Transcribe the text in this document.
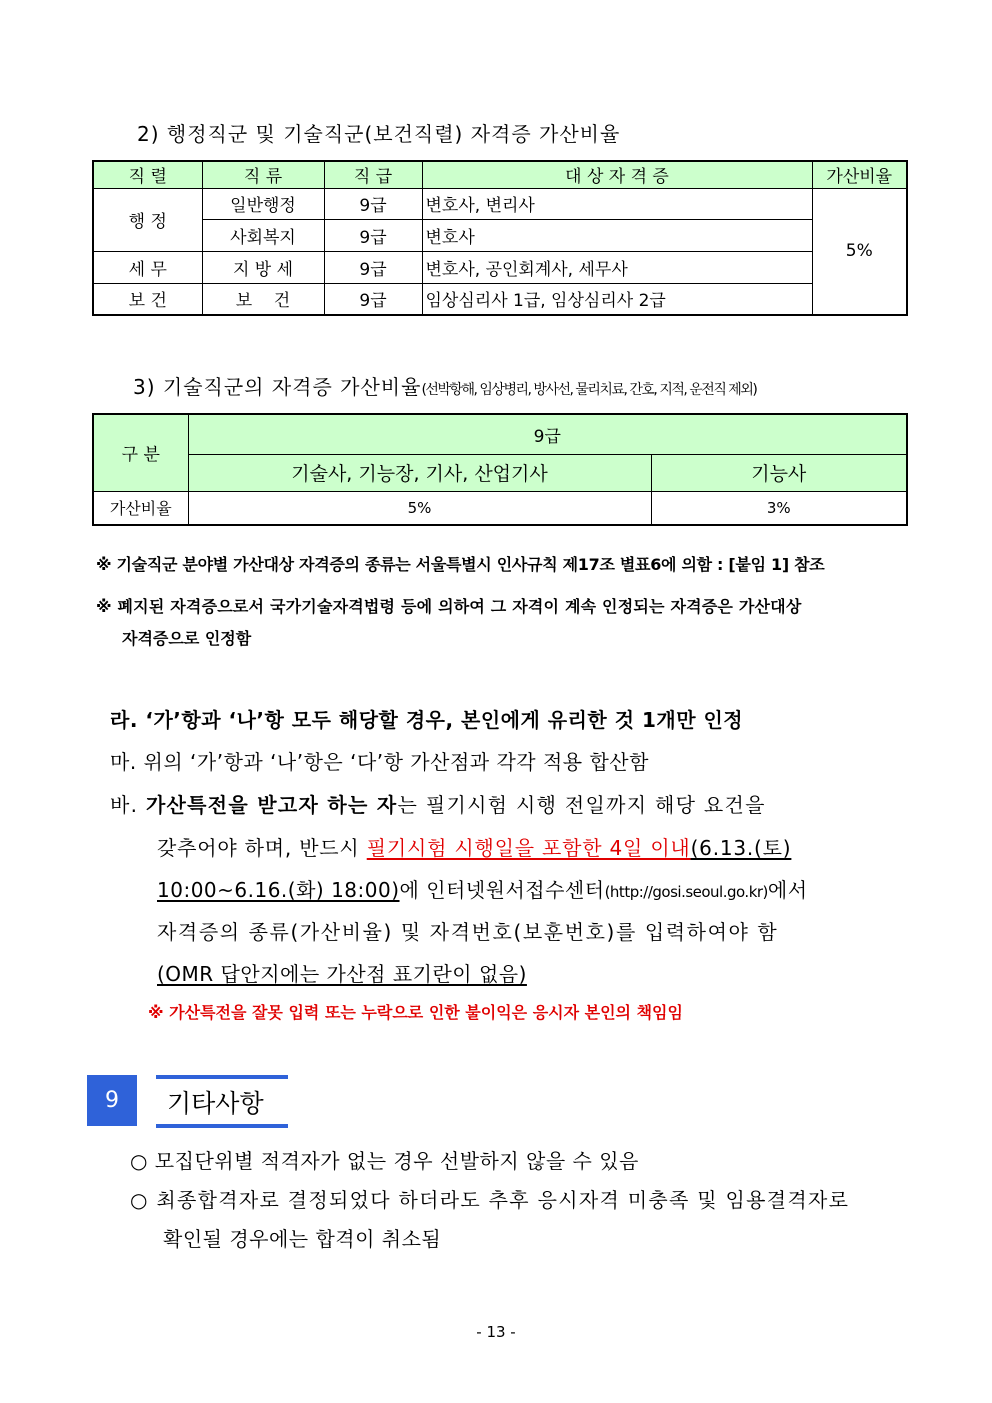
2) 행정직군 및 기술직군(보건직렬) 자격증 가산비율
직 렬	직 류	직 급	대 상 자 격 증	가산비율
행 정	일반행정	9급	변호사, 변리사	5%
	사회복지	9급	변호사	
세 무	지 방 세	9급	변호사, 공인회계사, 세무사	
보 건	보    건	9급	임상심리사 1급, 임상심리사 2급	
3) 기술직군의 자격증 가산비율(선박항해, 임상병리, 방사선, 물리치료, 간호, 지적, 운전직 제외)
구 분	9급	
	기술사, 기능장, 기사, 산업기사	기능사
가산비율	5%	3%
※ 기술직군 분야별 가산대상 자격증의 종류는 서울특별시 인사규칙 제17조 별표6에 의함 : [붙임 1] 참조
※ 폐지된 자격증으로서 국가기술자격법령 등에 의하여 그 자격이 계속 인정되는 자격증은 가산대상
자격증으로 인정함
라. ‘가’항과 ‘나’항 모두 해당할 경우, 본인에게 유리한 것 1개만 인정
마. 위의 ‘가’항과 ‘나’항은 ‘다’항 가산점과 각각 적용 합산함
바. 가산특전을 받고자 하는 자는 필기시험 시행 전일까지 해당 요건을
갖추어야 하며, 반드시 필기시험 시행일을 포함한 4일 이내(6.13.(토)
10:00~6.16.(화) 18:00)에 인터넷원서접수센터(http://gosi.seoul.go.kr)에서
자격증의 종류(가산비율) 및 자격번호(보훈번호)를 입력하여야 함
(OMR 답안지에는 가산점 표기란이 없음)
※ 가산특전을 잘못 입력 또는 누락으로 인한 불이익은 응시자 본인의 책임임
9	기타사항
○ 모집단위별 적격자가 없는 경우 선발하지 않을 수 있음
○ 최종합격자로 결정되었다 하더라도 추후 응시자격 미충족 및 임용결격자로
확인될 경우에는 합격이 취소됨
- 13 -
